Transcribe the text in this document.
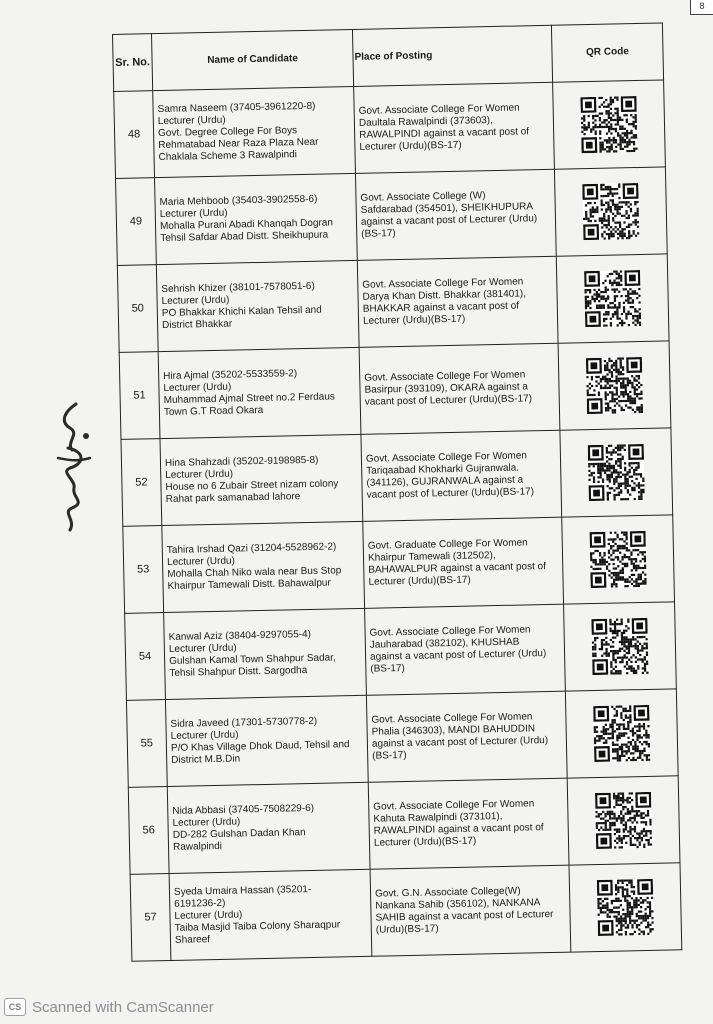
8
Sr. No.	Name of Candidate	Place of Posting	QR Code
48	Samra Naseem (37405-3961220-8)
Lecturer (Urdu)
Govt. Degree College For Boys
Rehmatabad Near Raza Plaza Near
Chaklala Scheme 3 Rawalpindi	Govt. Associate College For Women
Daultala Rawalpindi (373603),
RAWALPINDI against a vacant post of
Lecturer (Urdu)(BS-17)

49	Maria Mehboob (35403-3902558-6)
Lecturer (Urdu)
Mohalla Purani Abadi Khanqah Dogran
Tehsil Safdar Abad Distt. Sheikhupura	Govt. Associate College (W)
Safdarabad (354501), SHEIKHUPURA
against a vacant post of Lecturer (Urdu)
(BS-17)

50	Sehrish Khizer (38101-7578051-6)
Lecturer (Urdu)
PO Bhakkar Khichi Kalan Tehsil and
District Bhakkar	Govt. Associate College For Women
Darya Khan Distt. Bhakkar (381401),
BHAKKAR against a vacant post of
Lecturer (Urdu)(BS-17)

51	Hira Ajmal (35202-5533559-2)
Lecturer (Urdu)
Muhammad Ajmal Street no.2 Ferdaus
Town G.T Road Okara	Govt. Associate College For Women
Basirpur (393109), OKARA against a
vacant post of Lecturer (Urdu)(BS-17)

52	Hina Shahzadi (35202-9198985-8)
Lecturer (Urdu)
House no 6 Zubair Street nizam colony
Rahat park samanabad lahore	Govt. Associate College For Women
Tariqaabad Khokharki Gujranwala.
(341126), GUJRANWALA against a
vacant post of Lecturer (Urdu)(BS-17)

53	Tahira Irshad Qazi (31204-5528962-2)
Lecturer (Urdu)
Mohalla Chah Niko wala near Bus Stop
Khairpur Tamewali Distt. Bahawalpur	Govt. Graduate College For Women
Khairpur Tamewali (312502),
BAHAWALPUR against a vacant post of
Lecturer (Urdu)(BS-17)

54	Kanwal Aziz (38404-9297055-4)
Lecturer (Urdu)
Gulshan Kamal Town Shahpur Sadar,
Tehsil Shahpur Distt. Sargodha	Govt. Associate College For Women
Jauharabad (382102), KHUSHAB
against a vacant post of Lecturer (Urdu)
(BS-17)

55	Sidra Javeed (17301-5730778-2)
Lecturer (Urdu)
P/O Khas Village Dhok Daud, Tehsil and
District M.B.Din	Govt. Associate College For Women
Phalia (346303), MANDI BAHUDDIN
against a vacant post of Lecturer (Urdu)
(BS-17)

56	Nida Abbasi (37405-7508229-6)
Lecturer (Urdu)
DD-282 Gulshan Dadan Khan
Rawalpindi	Govt. Associate College For Women
Kahuta Rawalpindi (373101),
RAWALPINDI against a vacant post of
Lecturer (Urdu)(BS-17)

57	Syeda Umaira Hassan (35201-
6191236-2)
Lecturer (Urdu)
Taiba Masjid Taiba Colony Sharaqpur
Shareef	Govt. G.N. Associate College(W)
Nankana Sahib (356102), NANKANA
SAHIB against a vacant post of Lecturer
(Urdu)(BS-17)

CS Scanned with CamScanner
